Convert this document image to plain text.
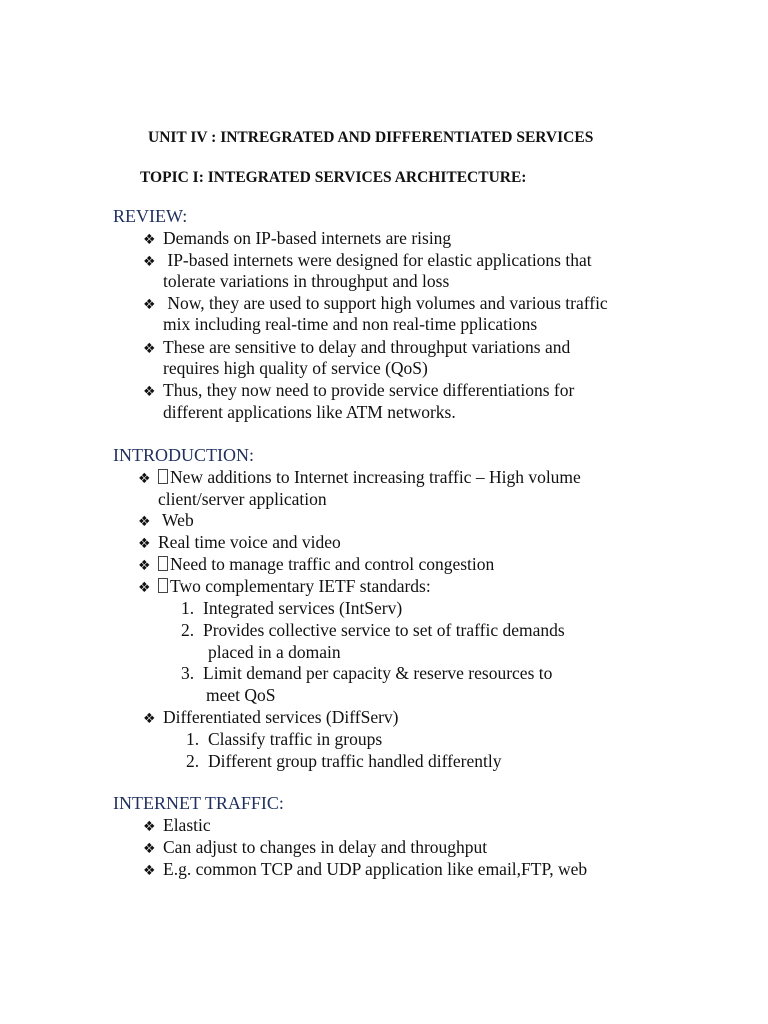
UNIT IV : INTREGRATED AND DIFFERENTIATED SERVICES
TOPIC I: INTEGRATED SERVICES ARCHITECTURE:
REVIEW:
❖Demands on IP-based internets are rising
❖ IP-based internets were designed for elastic applications that
tolerate variations in throughput and loss
❖ Now, they are used to support high volumes and various traffic
mix including real-time and non real-time pplications
❖These are sensitive to delay and throughput variations and
requires high quality of service (QoS)
❖Thus, they now need to provide service differentiations for
different applications like ATM networks.
INTRODUCTION:
❖New additions to Internet increasing traffic – High volume
client/server application
❖ Web
❖Real time voice and video
❖Need to manage traffic and control congestion
❖Two complementary IETF standards:
1. Integrated services (IntServ)
2. Provides collective service to set of traffic demands
placed in a domain
3. Limit demand per capacity & reserve resources to
meet QoS
❖Differentiated services (DiffServ)
1. Classify traffic in groups
2. Different group traffic handled differently
INTERNET TRAFFIC:
❖Elastic
❖Can adjust to changes in delay and throughput
❖E.g. common TCP and UDP application like email,FTP, web
